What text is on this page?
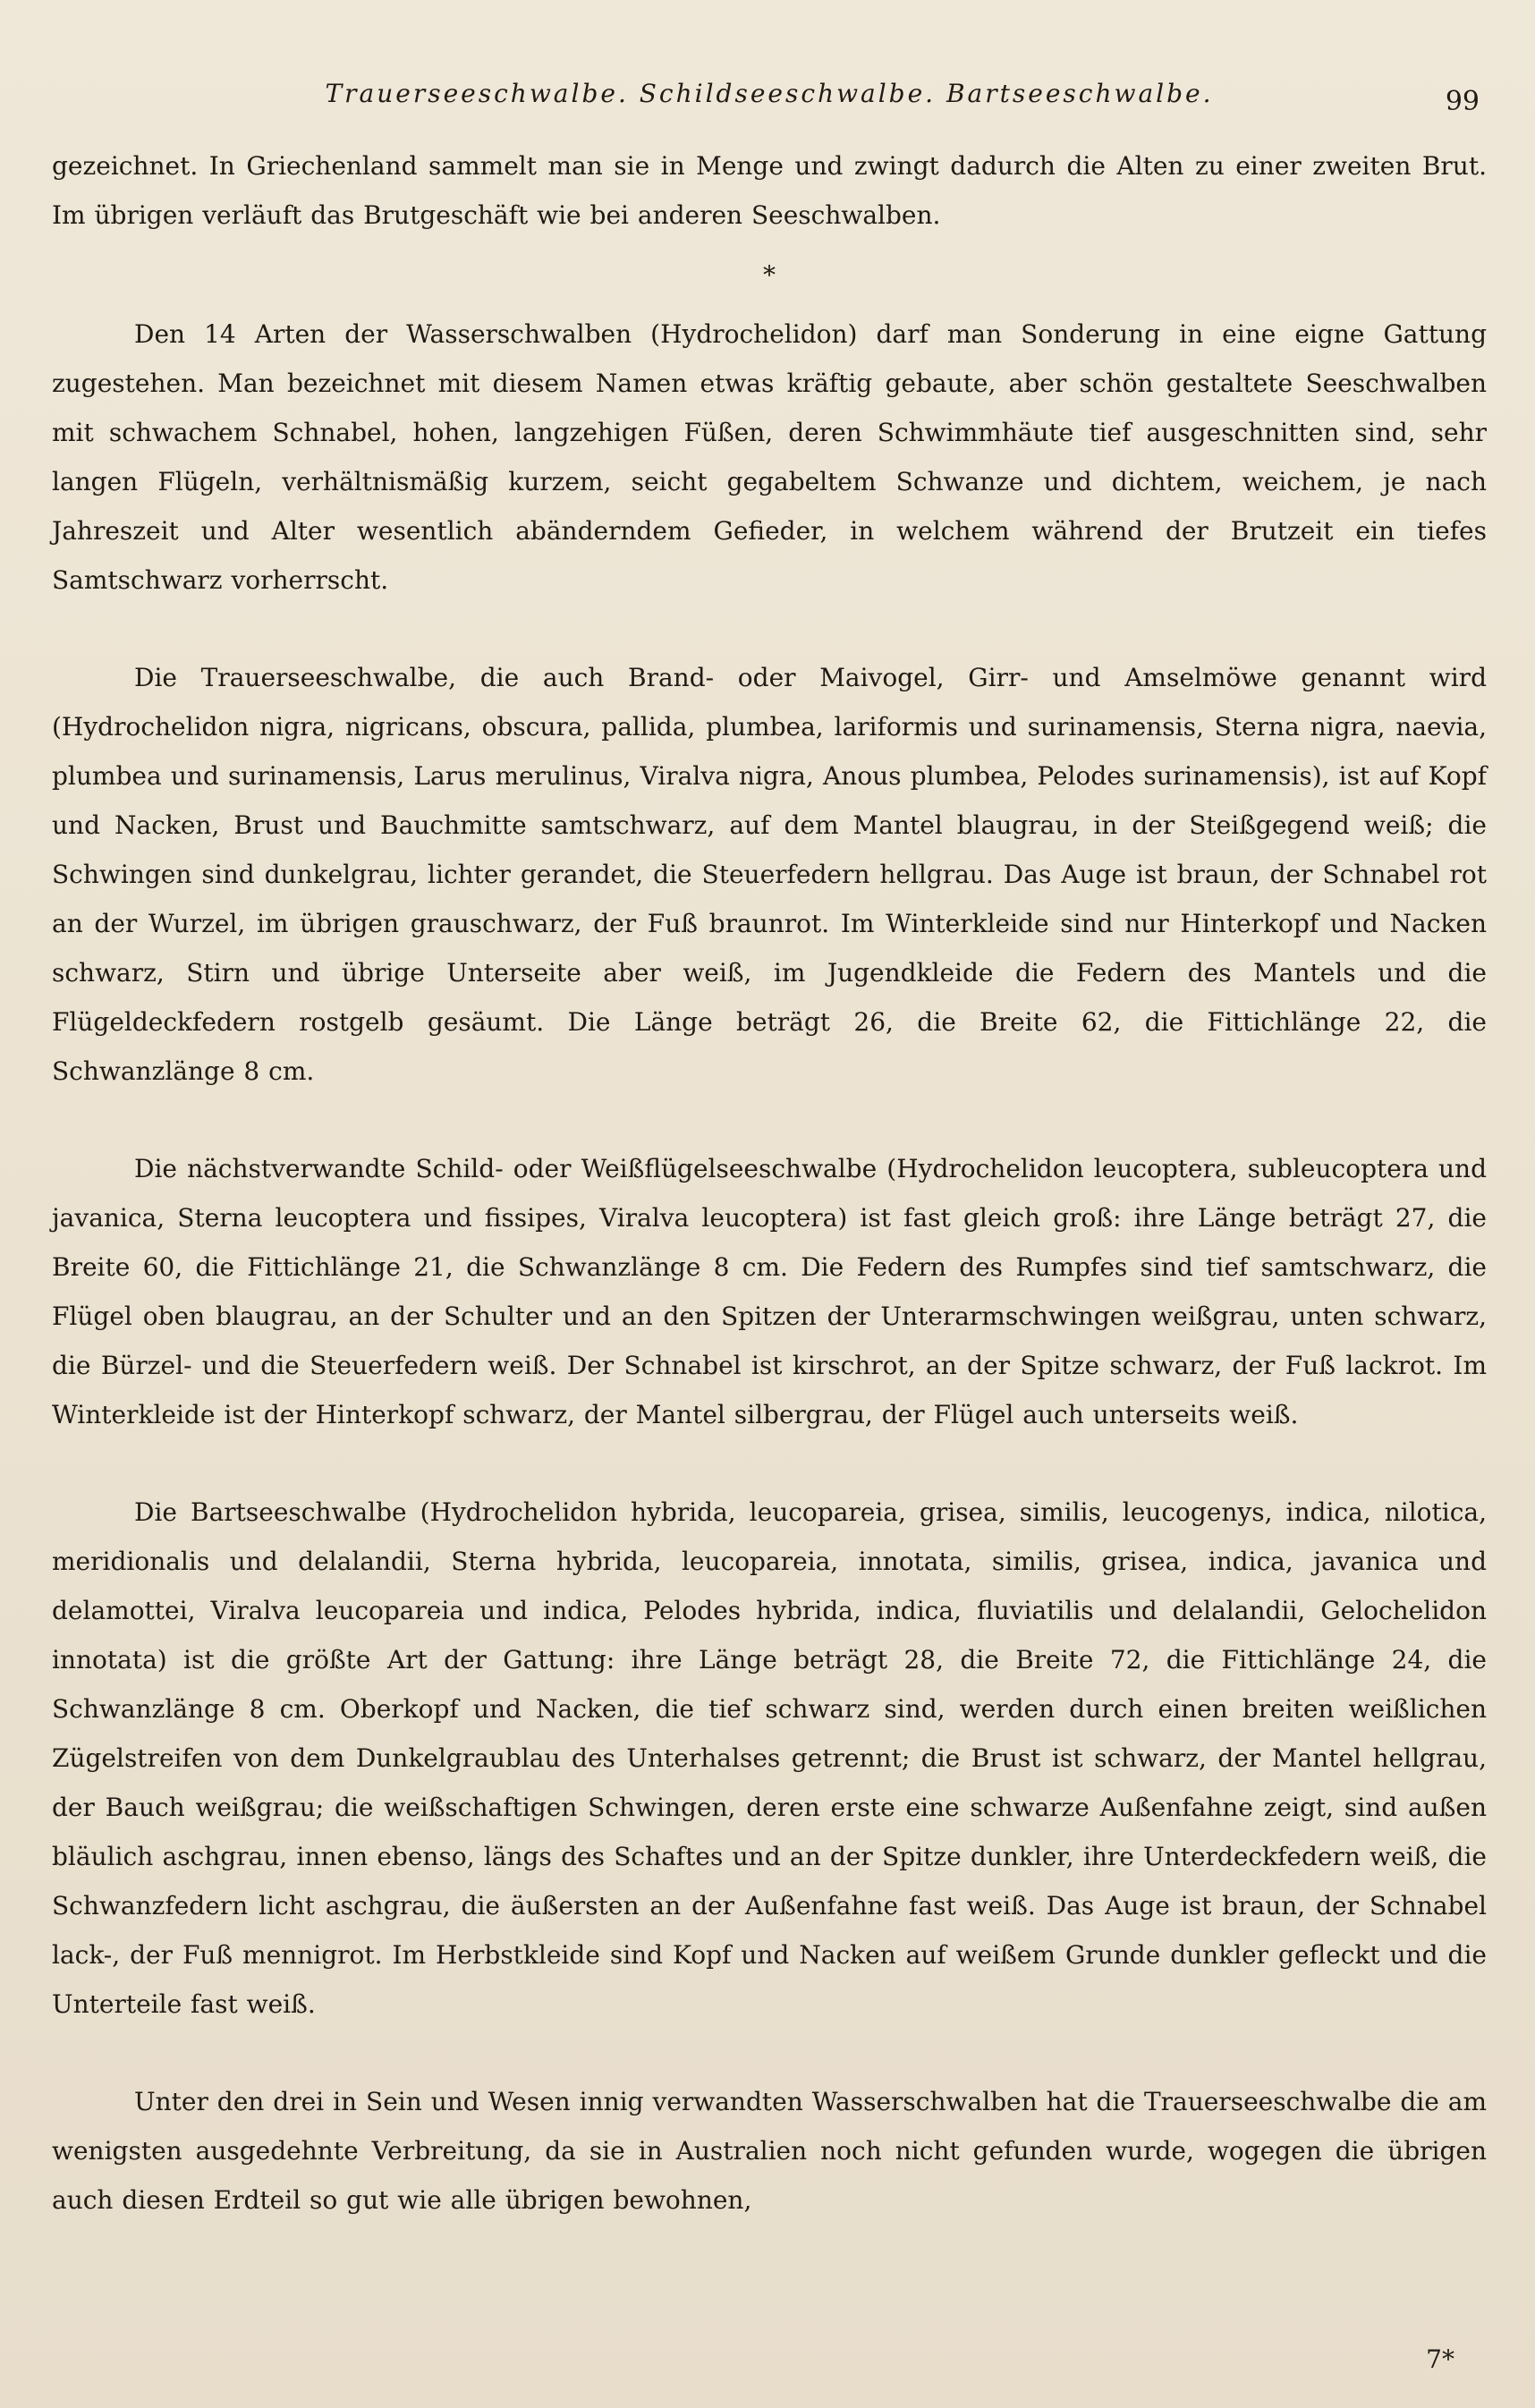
Trauerseeschwalbe. Schildseeschwalbe. Bartseeschwalbe.	99

gezeichnet. In Griechenland sammelt man sie in Menge und zwingt dadurch die Alten zu einer zweiten Brut. Im übrigen verläuft das Brutgeschäft wie bei anderen Seeschwalben.

*

Den 14 Arten der Wasserschwalben (Hydrochelidon) darf man Sonderung in eine eigne Gattung zugestehen. Man bezeichnet mit diesem Namen etwas kräftig gebaute, aber schön gestaltete Seeschwalben mit schwachem Schnabel, hohen, langzehigen Füßen, deren Schwimmhäute tief ausgeschnitten sind, sehr langen Flügeln, verhältnismäßig kurzem, seicht gegabeltem Schwanze und dichtem, weichem, je nach Jahreszeit und Alter wesentlich abänderndem Gefieder, in welchem während der Brutzeit ein tiefes Samtschwarz vorherrscht.

Die Trauerseeschwalbe, die auch Brand- oder Maivogel, Girr- und Amselmöwe genannt wird (Hydrochelidon nigra, nigricans, obscura, pallida, plumbea, lariformis und surinamensis, Sterna nigra, naevia, plumbea und surinamensis, Larus merulinus, Viralva nigra, Anous plumbea, Pelodes surinamensis), ist auf Kopf und Nacken, Brust und Bauchmitte samtschwarz, auf dem Mantel blaugrau, in der Steißgegend weiß; die Schwingen sind dunkelgrau, lichter gerandet, die Steuerfedern hellgrau. Das Auge ist braun, der Schnabel rot an der Wurzel, im übrigen grauschwarz, der Fuß braunrot. Im Winterkleide sind nur Hinterkopf und Nacken schwarz, Stirn und übrige Unterseite aber weiß, im Jugendkleide die Federn des Mantels und die Flügeldeckfedern rostgelb gesäumt. Die Länge beträgt 26, die Breite 62, die Fittichlänge 22, die Schwanzlänge 8 cm.

Die nächstverwandte Schild- oder Weißflügelseeschwalbe (Hydrochelidon leucoptera, subleucoptera und javanica, Sterna leucoptera und fissipes, Viralva leucoptera) ist fast gleich groß: ihre Länge beträgt 27, die Breite 60, die Fittichlänge 21, die Schwanzlänge 8 cm. Die Federn des Rumpfes sind tief samtschwarz, die Flügel oben blaugrau, an der Schulter und an den Spitzen der Unterarmschwingen weißgrau, unten schwarz, die Bürzel- und die Steuerfedern weiß. Der Schnabel ist kirschrot, an der Spitze schwarz, der Fuß lackrot. Im Winterkleide ist der Hinterkopf schwarz, der Mantel silbergrau, der Flügel auch unterseits weiß.

Die Bartseeschwalbe (Hydrochelidon hybrida, leucopareia, grisea, similis, leucogenys, indica, nilotica, meridionalis und delalandii, Sterna hybrida, leucopareia, innotata, similis, grisea, indica, javanica und delamottei, Viralva leucopareia und indica, Pelodes hybrida, indica, fluviatilis und delalandii, Gelochelidon innotata) ist die größte Art der Gattung: ihre Länge beträgt 28, die Breite 72, die Fittichlänge 24, die Schwanzlänge 8 cm. Oberkopf und Nacken, die tief schwarz sind, werden durch einen breiten weißlichen Zügelstreifen von dem Dunkelgraublau des Unterhalses getrennt; die Brust ist schwarz, der Mantel hellgrau, der Bauch weißgrau; die weißschaftigen Schwingen, deren erste eine schwarze Außenfahne zeigt, sind außen bläulich aschgrau, innen ebenso, längs des Schaftes und an der Spitze dunkler, ihre Unterdeckfedern weiß, die Schwanzfedern licht aschgrau, die äußersten an der Außenfahne fast weiß. Das Auge ist braun, der Schnabel lack-, der Fuß mennigrot. Im Herbstkleide sind Kopf und Nacken auf weißem Grunde dunkler gefleckt und die Unterteile fast weiß.

Unter den drei in Sein und Wesen innig verwandten Wasserschwalben hat die Trauerseeschwalbe die am wenigsten ausgedehnte Verbreitung, da sie in Australien noch nicht gefunden wurde, wogegen die übrigen auch diesen Erdteil so gut wie alle übrigen bewohnen,

7*
